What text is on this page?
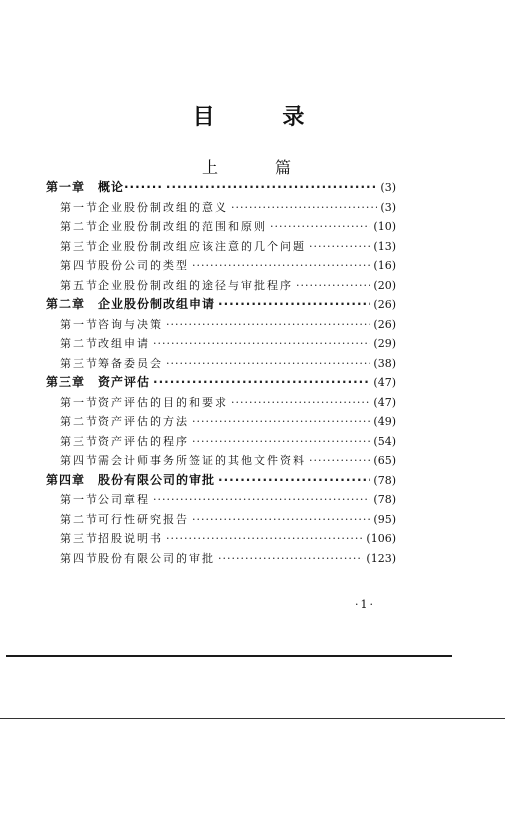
目 录
上 篇
第一章	概论······· ·····	(3)
第一节 企业股份制改组的意义 ·····	(3)
第二节 企业股份制改组的范围和原则 ·····	(10)
第三节 企业股份制改组应该注意的几个问题 ·····	(13)
第四节 股份公司的类型 ·····	(16)
第五节 企业股份制改组的途径与审批程序 ·····	(20)
第二章	企业股份制改组申请 ·····	(26)
第一节 咨询与决策 ·····	(26)
第二节 改组申请 ·····	(29)
第三节 筹备委员会 ·····	(38)
第三章	资产评估 ·····	(47)
第一节 资产评估的目的和要求 ·····	(47)
第二节 资产评估的方法 ·····	(49)
第三节 资产评估的程序 ·····	(54)
第四节 需会计师事务所签证的其他文件资料 ·····	(65)
第四章	股份有限公司的审批 ·····	(78)
第一节 公司章程 ·····	(78)
第二节 可行性研究报告 ·····	(95)
第三节 招股说明书 ·····	(106)
第四节 股份有限公司的审批 ·····	(123)
·1·
